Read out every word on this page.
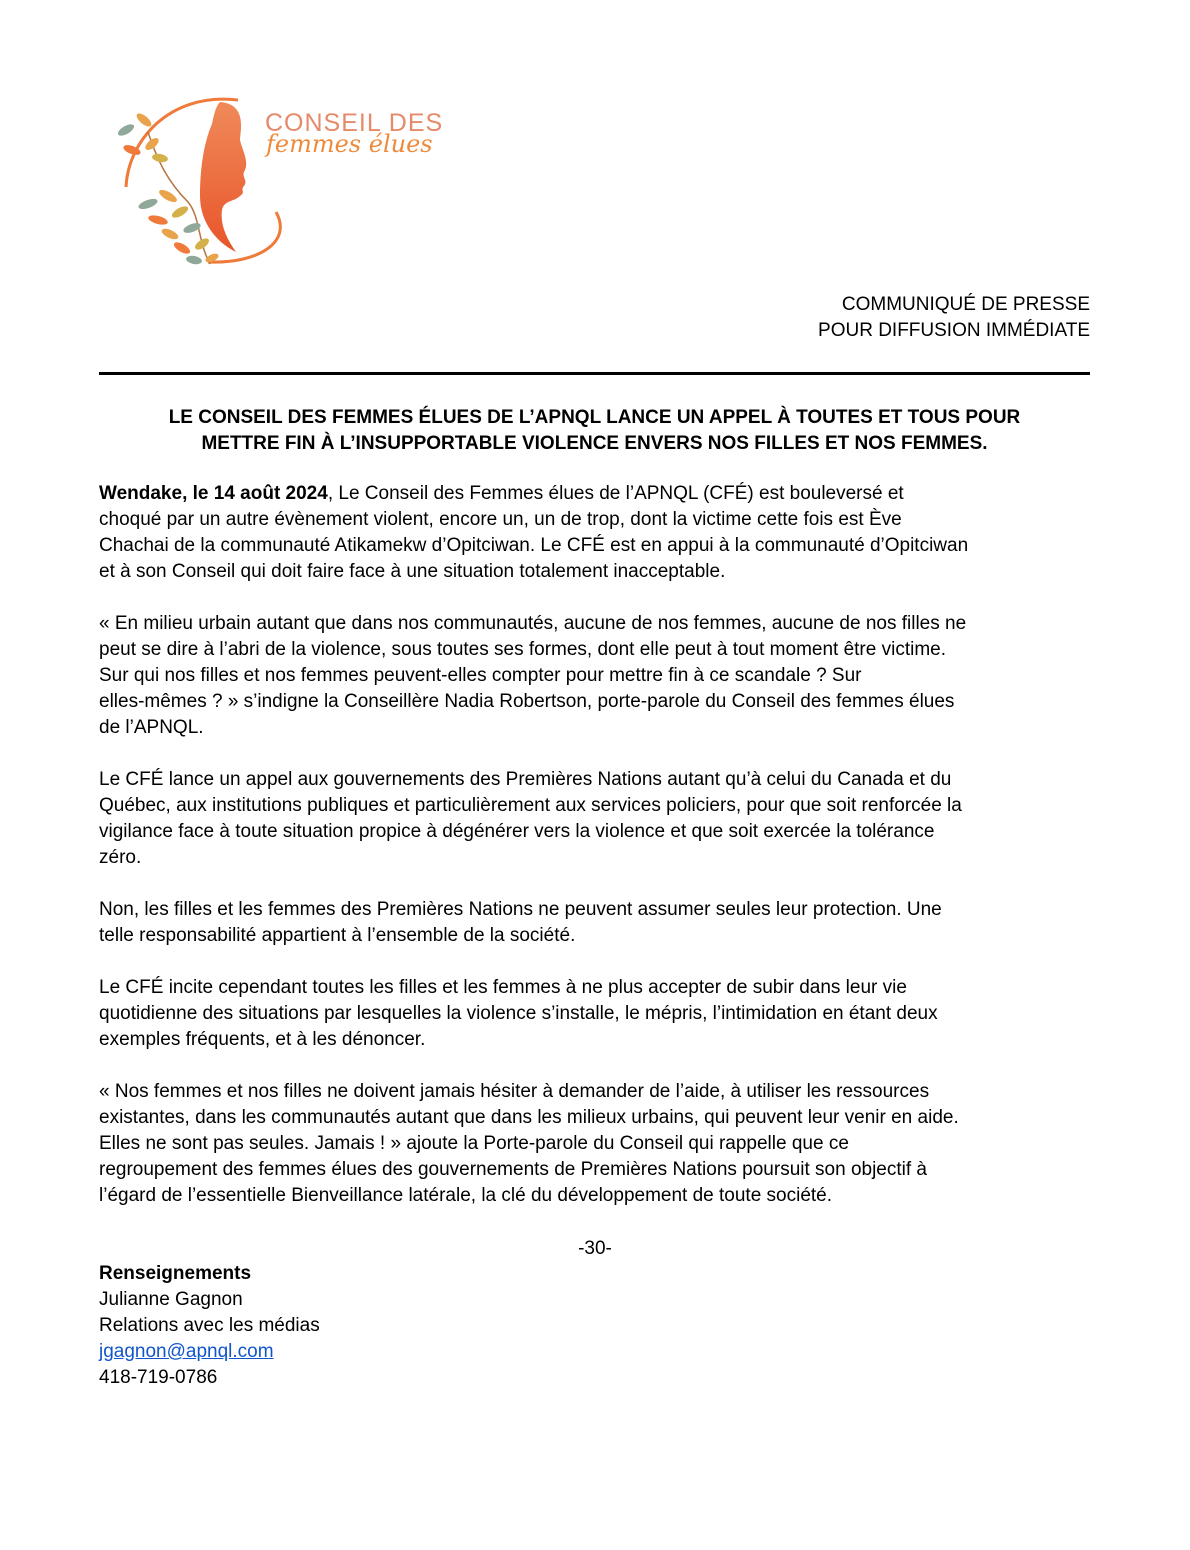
CONSEIL DES
femmes élues
COMMUNIQUÉ DE PRESSE
POUR DIFFUSION IMMÉDIATE
LE CONSEIL DES FEMMES ÉLUES DE L’APNQL LANCE UN APPEL À TOUTES ET TOUS POUR
METTRE FIN À L’INSUPPORTABLE VIOLENCE ENVERS NOS FILLES ET NOS FEMMES.

Wendake, le 14 août 2024, Le Conseil des Femmes élues de l’APNQL (CFÉ) est bouleversé et
choqué par un autre évènement violent, encore un, un de trop, dont la victime cette fois est Ève
Chachai de la communauté Atikamekw d’Opitciwan. Le CFÉ est en appui à la communauté d’Opitciwan
et à son Conseil qui doit faire face à une situation totalement inacceptable.

« En milieu urbain autant que dans nos communautés, aucune de nos femmes, aucune de nos filles ne
peut se dire à l’abri de la violence, sous toutes ses formes, dont elle peut à tout moment être victime.
Sur qui nos filles et nos femmes peuvent-elles compter pour mettre fin à ce scandale ? Sur
elles-mêmes ? » s’indigne la Conseillère Nadia Robertson, porte-parole du Conseil des femmes élues
de l’APNQL.

Le CFÉ lance un appel aux gouvernements des Premières Nations autant qu’à celui du Canada et du
Québec, aux institutions publiques et particulièrement aux services policiers, pour que soit renforcée la
vigilance face à toute situation propice à dégénérer vers la violence et que soit exercée la tolérance
zéro.

Non, les filles et les femmes des Premières Nations ne peuvent assumer seules leur protection. Une
telle responsabilité appartient à l’ensemble de la société.

Le CFÉ incite cependant toutes les filles et les femmes à ne plus accepter de subir dans leur vie
quotidienne des situations par lesquelles la violence s’installe, le mépris, l’intimidation en étant deux
exemples fréquents, et à les dénoncer.

« Nos femmes et nos filles ne doivent jamais hésiter à demander de l’aide, à utiliser les ressources
existantes, dans les communautés autant que dans les milieux urbains, qui peuvent leur venir en aide.
Elles ne sont pas seules. Jamais ! » ajoute la Porte-parole du Conseil qui rappelle que ce
regroupement des femmes élues des gouvernements de Premières Nations poursuit son objectif à
l’égard de l’essentielle Bienveillance latérale, la clé du développement de toute société.

-30-
Renseignements
Julianne Gagnon
Relations avec les médias
jgagnon@apnql.com
418-719-0786
